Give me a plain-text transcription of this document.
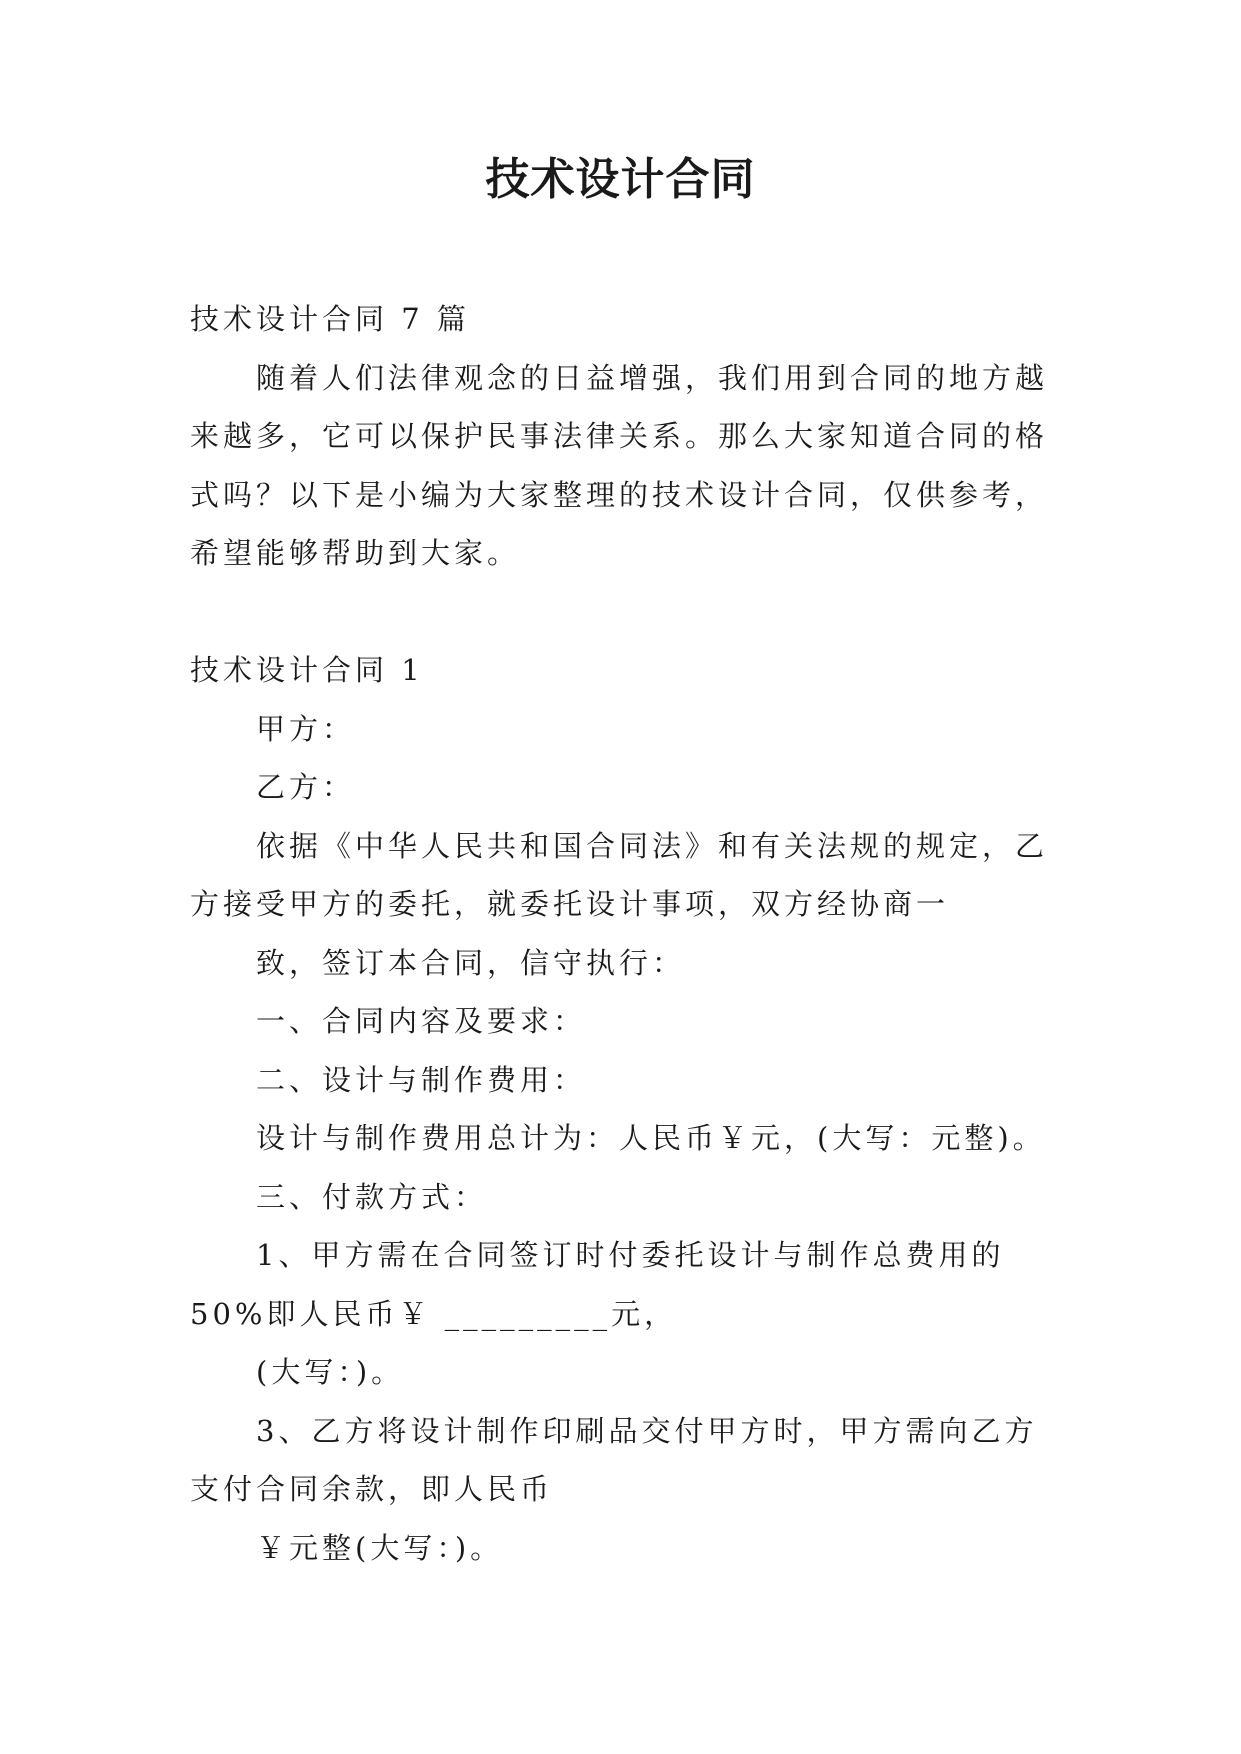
技术设计合同

技术设计合同 7 篇

随着人们法律观念的日益增强，我们用到合同的地方越来越多，它可以保护民事法律关系。那么大家知道合同的格式吗？以下是小编为大家整理的技术设计合同，仅供参考，希望能够帮助到大家。

技术设计合同 1

甲方：

乙方：

依据《中华人民共和国合同法》和有关法规的规定，乙方接受甲方的委托，就委托设计事项，双方经协商一

致，签订本合同，信守执行：

一、合同内容及要求：

二、设计与制作费用：

设计与制作费用总计为：人民币￥元，(大写：元整)。

三、付款方式：

1、甲方需在合同签订时付委托设计与制作总费用的 50%即人民币￥ _________元，

(大写：)。

3、乙方将设计制作印刷品交付甲方时，甲方需向乙方支付合同余款，即人民币

￥元整(大写：)。
